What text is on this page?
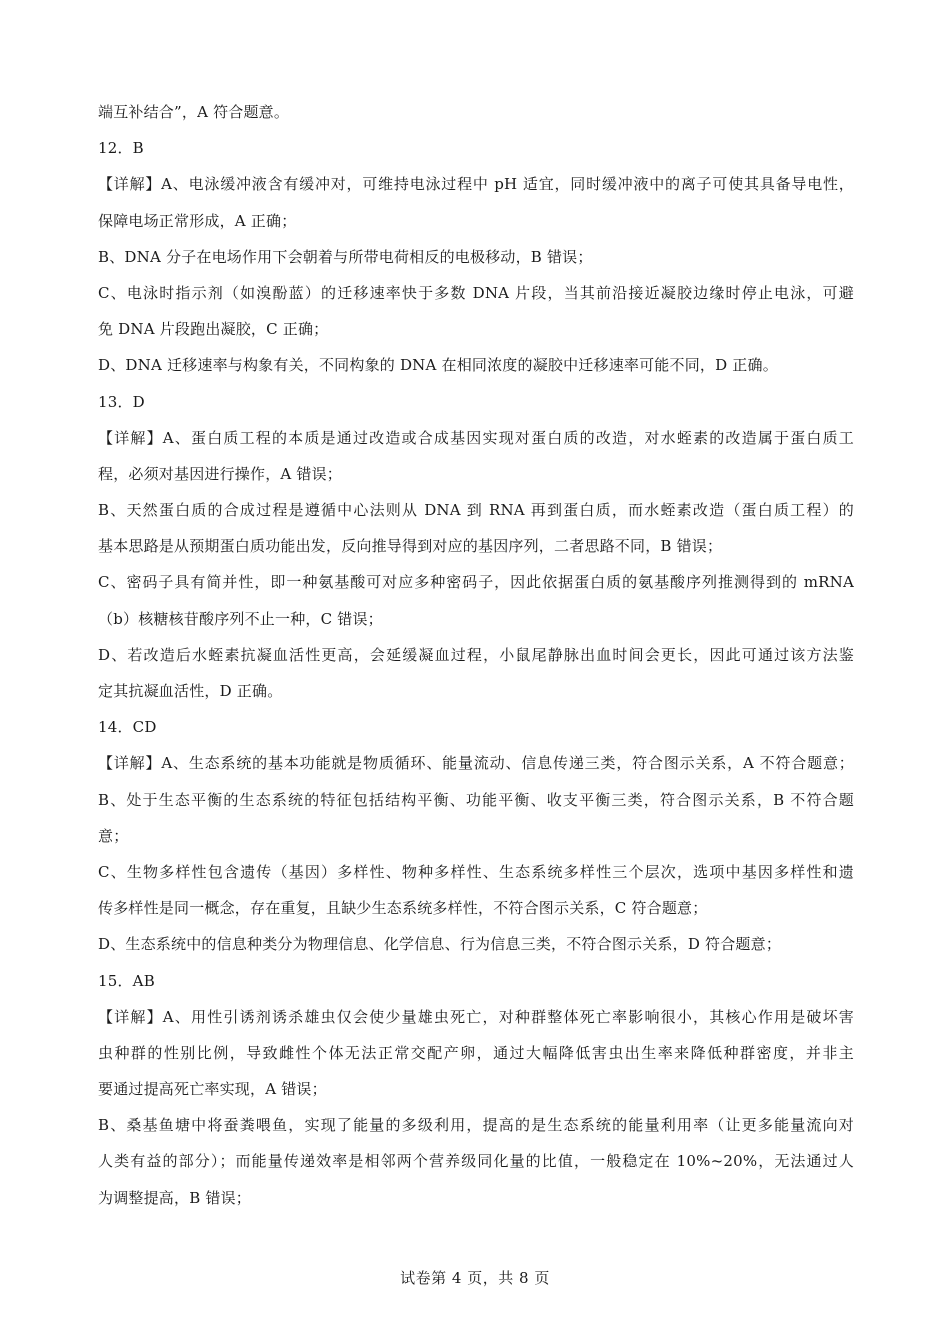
端互补结合”，A 符合题意。
12．B
【详解】A、电泳缓冲液含有缓冲对，可维持电泳过程中 pH 适宜，同时缓冲液中的离子可使其具备导电性，
保障电场正常形成，A 正确；
B、DNA 分子在电场作用下会朝着与所带电荷相反的电极移动，B 错误；
C、电泳时指示剂（如溴酚蓝）的迁移速率快于多数 DNA 片段，当其前沿接近凝胶边缘时停止电泳，可避
免 DNA 片段跑出凝胶，C 正确；
D、DNA 迁移速率与构象有关，不同构象的 DNA 在相同浓度的凝胶中迁移速率可能不同，D 正确。
13．D
【详解】A、蛋白质工程的本质是通过改造或合成基因实现对蛋白质的改造，对水蛭素的改造属于蛋白质工
程，必须对基因进行操作，A 错误；
B、天然蛋白质的合成过程是遵循中心法则从 DNA 到 RNA 再到蛋白质，而水蛭素改造（蛋白质工程）的
基本思路是从预期蛋白质功能出发，反向推导得到对应的基因序列，二者思路不同，B 错误；
C、密码子具有简并性，即一种氨基酸可对应多种密码子，因此依据蛋白质的氨基酸序列推测得到的 mRNA
（b）核糖核苷酸序列不止一种，C 错误；
D、若改造后水蛭素抗凝血活性更高，会延缓凝血过程，小鼠尾静脉出血时间会更长，因此可通过该方法鉴
定其抗凝血活性，D 正确。
14．CD
【详解】A、生态系统的基本功能就是物质循环、能量流动、信息传递三类，符合图示关系，A 不符合题意；
B、处于生态平衡的生态系统的特征包括结构平衡、功能平衡、收支平衡三类，符合图示关系，B 不符合题
意；
C、生物多样性包含遗传（基因）多样性、物种多样性、生态系统多样性三个层次，选项中基因多样性和遗
传多样性是同一概念，存在重复，且缺少生态系统多样性，不符合图示关系，C 符合题意；
D、生态系统中的信息种类分为物理信息、化学信息、行为信息三类，不符合图示关系，D 符合题意；
15．AB
【详解】A、用性引诱剂诱杀雄虫仅会使少量雄虫死亡，对种群整体死亡率影响很小，其核心作用是破坏害
虫种群的性别比例，导致雌性个体无法正常交配产卵，通过大幅降低害虫出生率来降低种群密度，并非主
要通过提高死亡率实现，A 错误；
B、桑基鱼塘中将蚕粪喂鱼，实现了能量的多级利用，提高的是生态系统的能量利用率（让更多能量流向对
人类有益的部分）；而能量传递效率是相邻两个营养级同化量的比值，一般稳定在 10%~20%，无法通过人
为调整提高，B 错误；
试卷第 4 页，共 8 页
